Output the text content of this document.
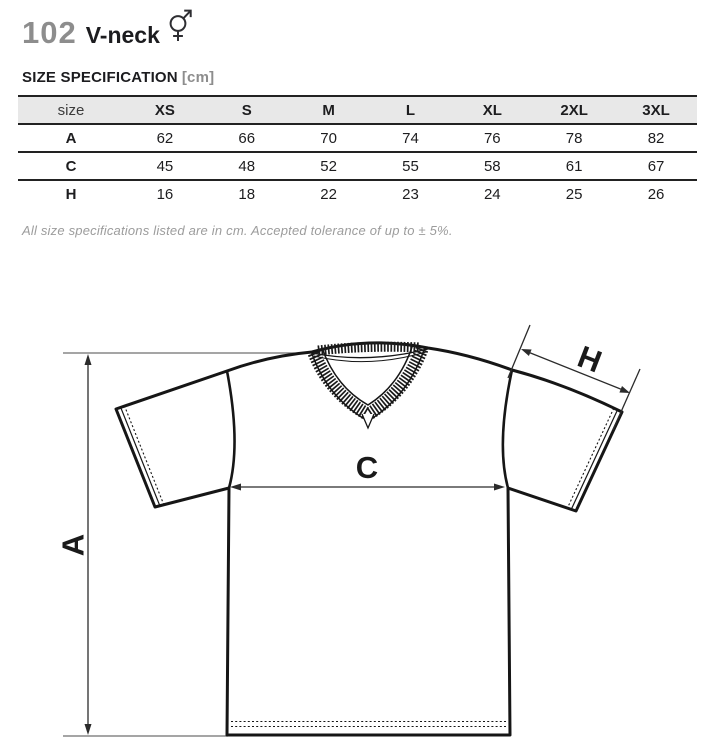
102 V-neck
SIZE SPECIFICATION [cm]
size	XS	S	M	L	XL	2XL	3XL
A	62	66	70	74	76	78	82
C	45	48	52	55	58	61	67
H	16	18	22	23	24	25	26

All size specifications listed are in cm. Accepted tolerance of up to ± 5%.

A
C
H
